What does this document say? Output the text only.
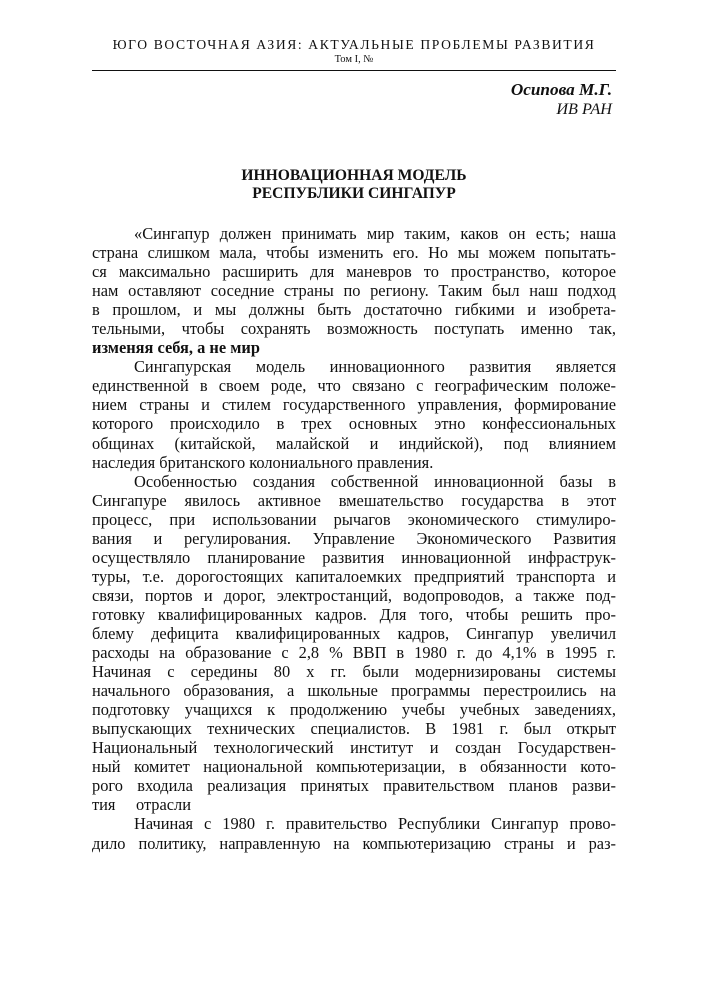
ЮГО ВОСТОЧНАЯ АЗИЯ: АКТУАЛЬНЫЕ ПРОБЛЕМЫ РАЗВИТИЯ
Том I, №
Осипова М.Г.
ИВ РАН
ИННОВАЦИОННАЯ МОДЕЛЬ
РЕСПУБЛИКИ СИНГАПУР
«Сингапур должен принимать мир таким, каков он есть; наша
страна слишком мала, чтобы изменить его. Но мы можем попытать-
ся максимально расширить для маневров то пространство, которое
нам оставляют соседние страны по региону. Таким был наш подход
в прошлом, и мы должны быть достаточно гибкими и изобрета-
тельными, чтобы сохранять возможность поступать именно так,
изменяя себя, а не мир
Сингапурская модель инновационного развития является
единственной в своем роде, что связано с географическим положе-
нием страны и стилем государственного управления, формирование
которого происходило в трех основных этно конфессиональных
общинах (китайской, малайской и индийской), под влиянием
наследия британского колониального правления.
Особенностью создания собственной инновационной базы в
Сингапуре явилось активное вмешательство государства в этот
процесс, при использовании рычагов экономического стимулиро-
вания и регулирования. Управление Экономического Развития
осуществляло планирование развития инновационной инфраструк-
туры, т.е. дорогостоящих капиталоемких предприятий транспорта и
связи, портов и дорог, электростанций, водопроводов, а также под-
готовку квалифицированных кадров. Для того, чтобы решить про-
блему дефицита квалифицированных кадров, Сингапур увеличил
расходы на образование с 2,8 % ВВП в 1980 г. до 4,1% в 1995 г.
Начиная с середины 80 х гг. были модернизированы системы
начального образования, а школьные программы перестроились на
подготовку учащихся к продолжению учебы учебных заведениях,
выпускающих технических специалистов. В 1981 г. был открыт
Национальный технологический институт и создан Государствен-
ный комитет национальной компьютеризации, в обязанности кото-
рого входила реализация принятых правительством планов разви-
тия     отрасли
Начиная с 1980 г. правительство Республики Сингапур прово-
дило политику, направленную на компьютеризацию страны и раз-
